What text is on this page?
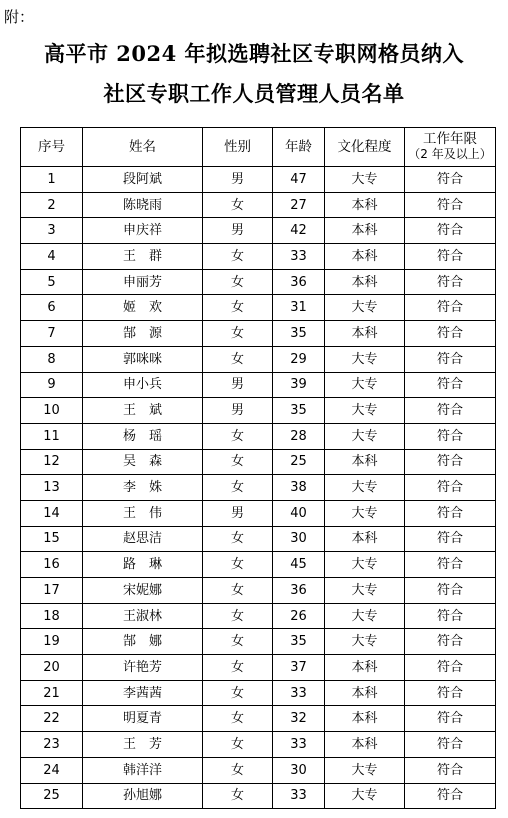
附：
高平市 2024 年拟选聘社区专职网格员纳入
社区专职工作人员管理人员名单
序号	姓名	性别	年龄	文化程度	工作年限
（2 年及以上）

1	段阿斌	男	47	大专	符合
2	陈晓雨	女	27	本科	符合
3	申庆祥	男	42	本科	符合
4	王　群	女	33	本科	符合
5	申丽芳	女	36	本科	符合
6	姬　欢	女	31	大专	符合
7	郜　源	女	35	本科	符合
8	郭咪咪	女	29	大专	符合
9	申小兵	男	39	大专	符合
10	王　斌	男	35	大专	符合
11	杨　瑶	女	28	大专	符合
12	吴　森	女	25	本科	符合
13	李　姝	女	38	大专	符合
14	王　伟	男	40	大专	符合
15	赵思洁	女	30	本科	符合
16	路　琳	女	45	大专	符合
17	宋妮娜	女	36	大专	符合
18	王淑林	女	26	大专	符合
19	郜　娜	女	35	大专	符合
20	许艳芳	女	37	本科	符合
21	李茜茜	女	33	本科	符合
22	明夏青	女	32	本科	符合
23	王　芳	女	33	本科	符合
24	韩洋洋	女	30	大专	符合
25	孙旭娜	女	33	大专	符合
